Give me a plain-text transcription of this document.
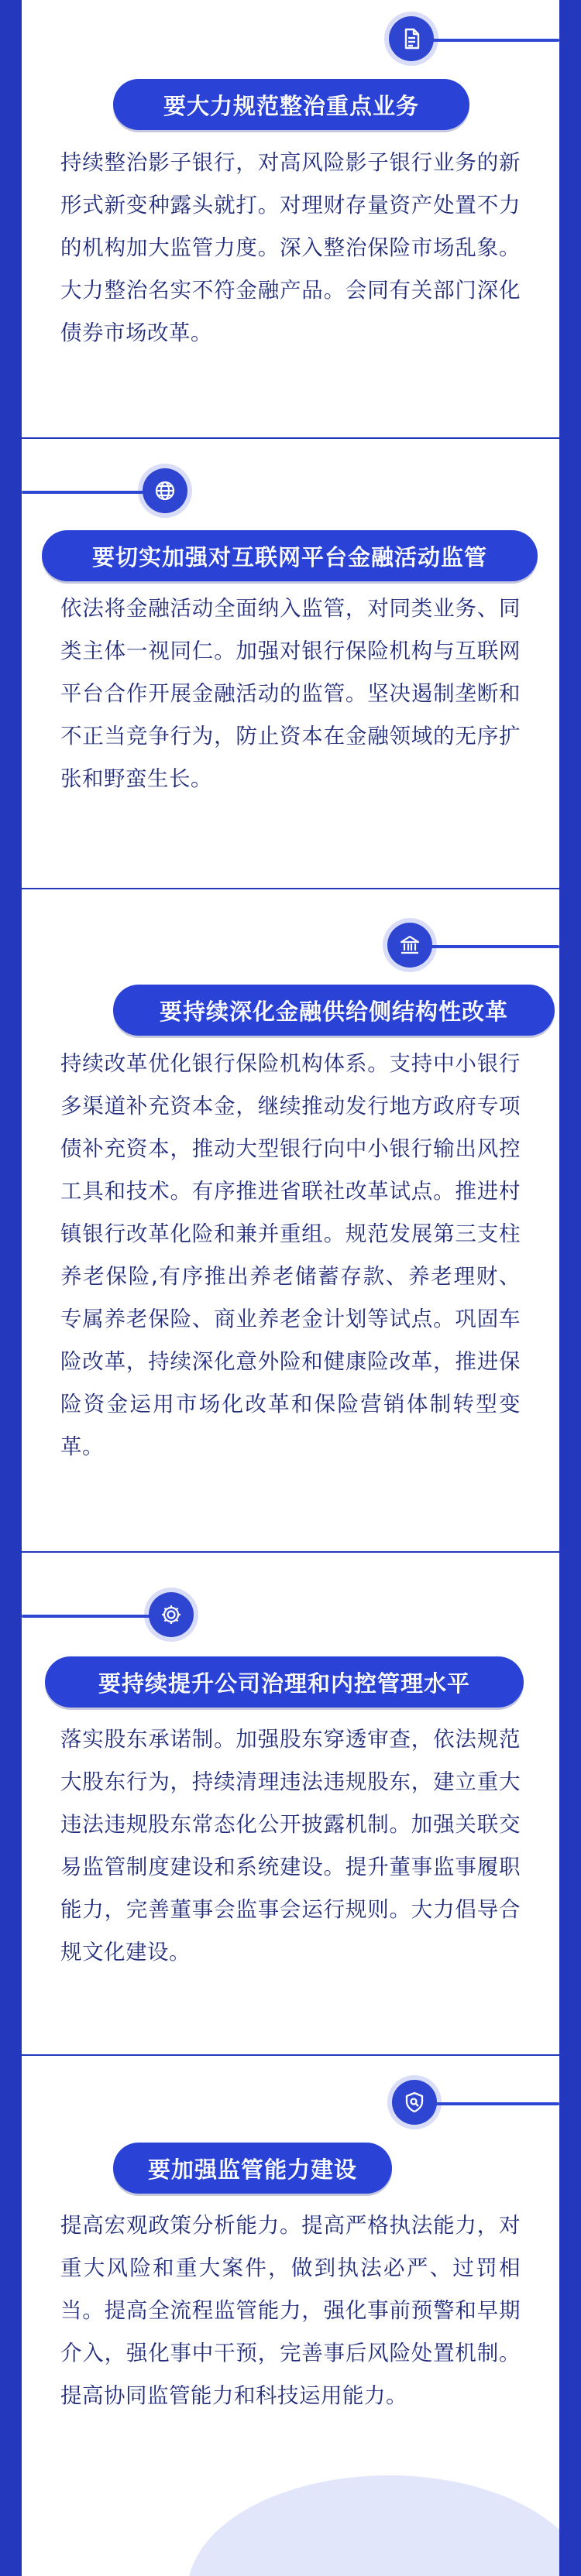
要大力规范整治重点业务
持续整治影子银行，对高风险影子银行业务的新形式新变种露头就打。对理财存量资产处置不力的机构加大监管力度。深入整治保险市场乱象。大力整治名实不符金融产品。会同有关部门深化债券市场改革。
要切实加强对互联网平台金融活动监管
依法将金融活动全面纳入监管，对同类业务、同类主体一视同仁。加强对银行保险机构与互联网平台合作开展金融活动的监管。坚决遏制垄断和不正当竞争行为，防止资本在金融领域的无序扩张和野蛮生长。
要持续深化金融供给侧结构性改革
持续改革优化银行保险机构体系。支持中小银行多渠道补充资本金，继续推动发行地方政府专项债补充资本，推动大型银行向中小银行输出风控工具和技术。有序推进省联社改革试点。推进村镇银行改革化险和兼并重组。规范发展第三支柱养老保险,有序推出养老储蓄存款、养老理财、专属养老保险、商业养老金计划等试点。巩固车险改革，持续深化意外险和健康险改革，推进保险资金运用市场化改革和保险营销体制转型变革。
要持续提升公司治理和内控管理水平
落实股东承诺制。加强股东穿透审查，依法规范大股东行为，持续清理违法违规股东，建立重大违法违规股东常态化公开披露机制。加强关联交易监管制度建设和系统建设。提升董事监事履职能力，完善董事会监事会运行规则。大力倡导合规文化建设。
要加强监管能力建设
提高宏观政策分析能力。提高严格执法能力，对重大风险和重大案件，做到执法必严、过罚相当。提高全流程监管能力，强化事前预警和早期介入，强化事中干预，完善事后风险处置机制。提高协同监管能力和科技运用能力。
